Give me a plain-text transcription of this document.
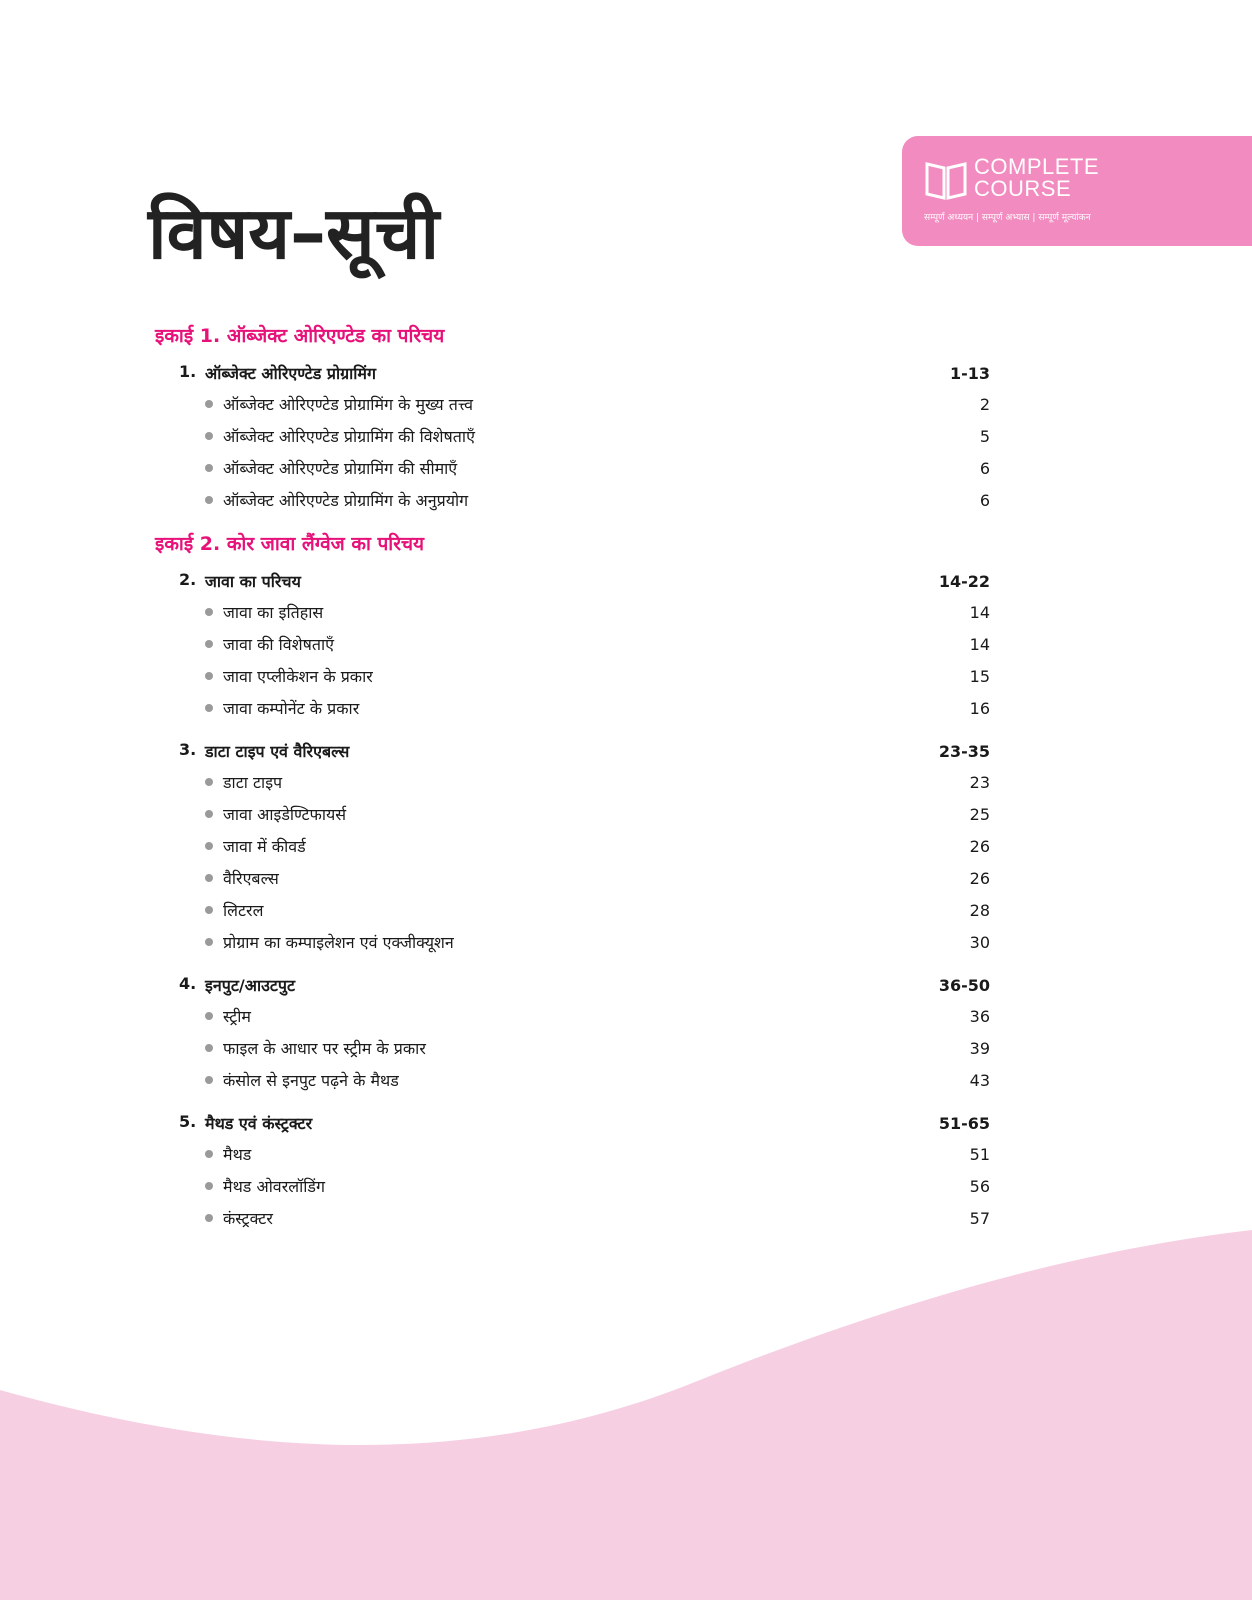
COMPLETE
COURSE
सम्पूर्ण अध्ययन | सम्पूर्ण अभ्यास | सम्पूर्ण मूल्यांकन
विषय–सूची
इकाई 1. ऑब्जेक्ट ओरिएण्टेड का परिचय
1. ऑब्जेक्ट ओरिएण्टेड प्रोग्रामिंग	1-13
ऑब्जेक्ट ओरिएण्टेड प्रोग्रामिंग के मुख्य तत्त्व	2
ऑब्जेक्ट ओरिएण्टेड प्रोग्रामिंग की विशेषताएँ	5
ऑब्जेक्ट ओरिएण्टेड प्रोग्रामिंग की सीमाएँ	6
ऑब्जेक्ट ओरिएण्टेड प्रोग्रामिंग के अनुप्रयोग	6
इकाई 2. कोर जावा लैंग्वेज का परिचय
2. जावा का परिचय	14-22
जावा का इतिहास	14
जावा की विशेषताएँ	14
जावा एप्लीकेशन के प्रकार	15
जावा कम्पोनेंट के प्रकार	16
3. डाटा टाइप एवं वैरिएबल्स	23-35
डाटा टाइप	23
जावा आइडेण्टिफायर्स	25
जावा में कीवर्ड	26
वैरिएबल्स	26
लिटरल	28
प्रोग्राम का कम्पाइलेशन एवं एक्जीक्यूशन	30
4. इनपुट/आउटपुट	36-50
स्ट्रीम	36
फाइल के आधार पर स्ट्रीम के प्रकार	39
कंसोल से इनपुट पढ़ने के मैथड	43
5. मैथड एवं कंस्ट्रक्टर	51-65
मैथड	51
मैथड ओवरलॉडिंग	56
कंस्ट्रक्टर	57
